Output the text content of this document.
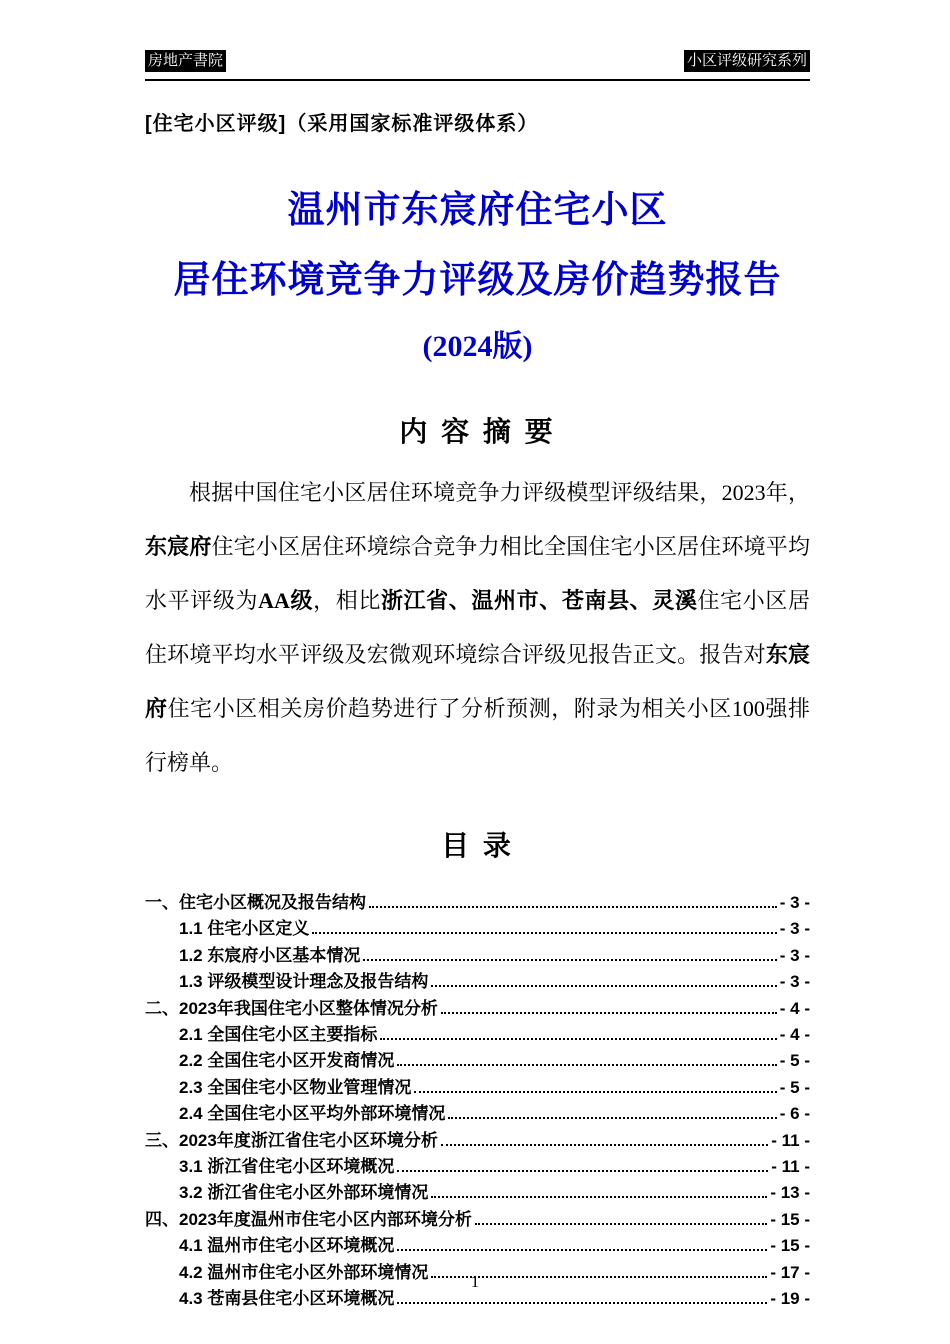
房地产書院	小区评级研究系列
[住宅小区评级]（采用国家标准评级体系）
温州市东宸府住宅小区
居住环境竞争力评级及房价趋势报告
(2024版)
内 容 摘 要

根据中国住宅小区居住环境竞争力评级模型评级结果，2023年，东宸府住宅小区居住环境综合竞争力相比全国住宅小区居住环境平均水平评级为AA级，相比浙江省、温州市、苍南县、灵溪住宅小区居住环境平均水平评级及宏微观环境综合评级见报告正文。报告对东宸府住宅小区相关房价趋势进行了分析预测，附录为相关小区100强排行榜单。

目 录
一、住宅小区概况及报告结构	- 3 -
1.1 住宅小区定义	- 3 -
1.2 东宸府小区基本情况	- 3 -
1.3 评级模型设计理念及报告结构	- 3 -
二、2023年我国住宅小区整体情况分析	- 4 -
2.1 全国住宅小区主要指标	- 4 -
2.2 全国住宅小区开发商情况	- 5 -
2.3 全国住宅小区物业管理情况	- 5 -
2.4 全国住宅小区平均外部环境情况	- 6 -
三、2023年度浙江省住宅小区环境分析	- 11 -
3.1 浙江省住宅小区环境概况	- 11 -
3.2 浙江省住宅小区外部环境情况	- 13 -
四、2023年度温州市住宅小区内部环境分析	- 15 -
4.1 温州市住宅小区环境概况	- 15 -
4.2 温州市住宅小区外部环境情况	- 17 -
4.3 苍南县住宅小区环境概况	- 19 -
1
